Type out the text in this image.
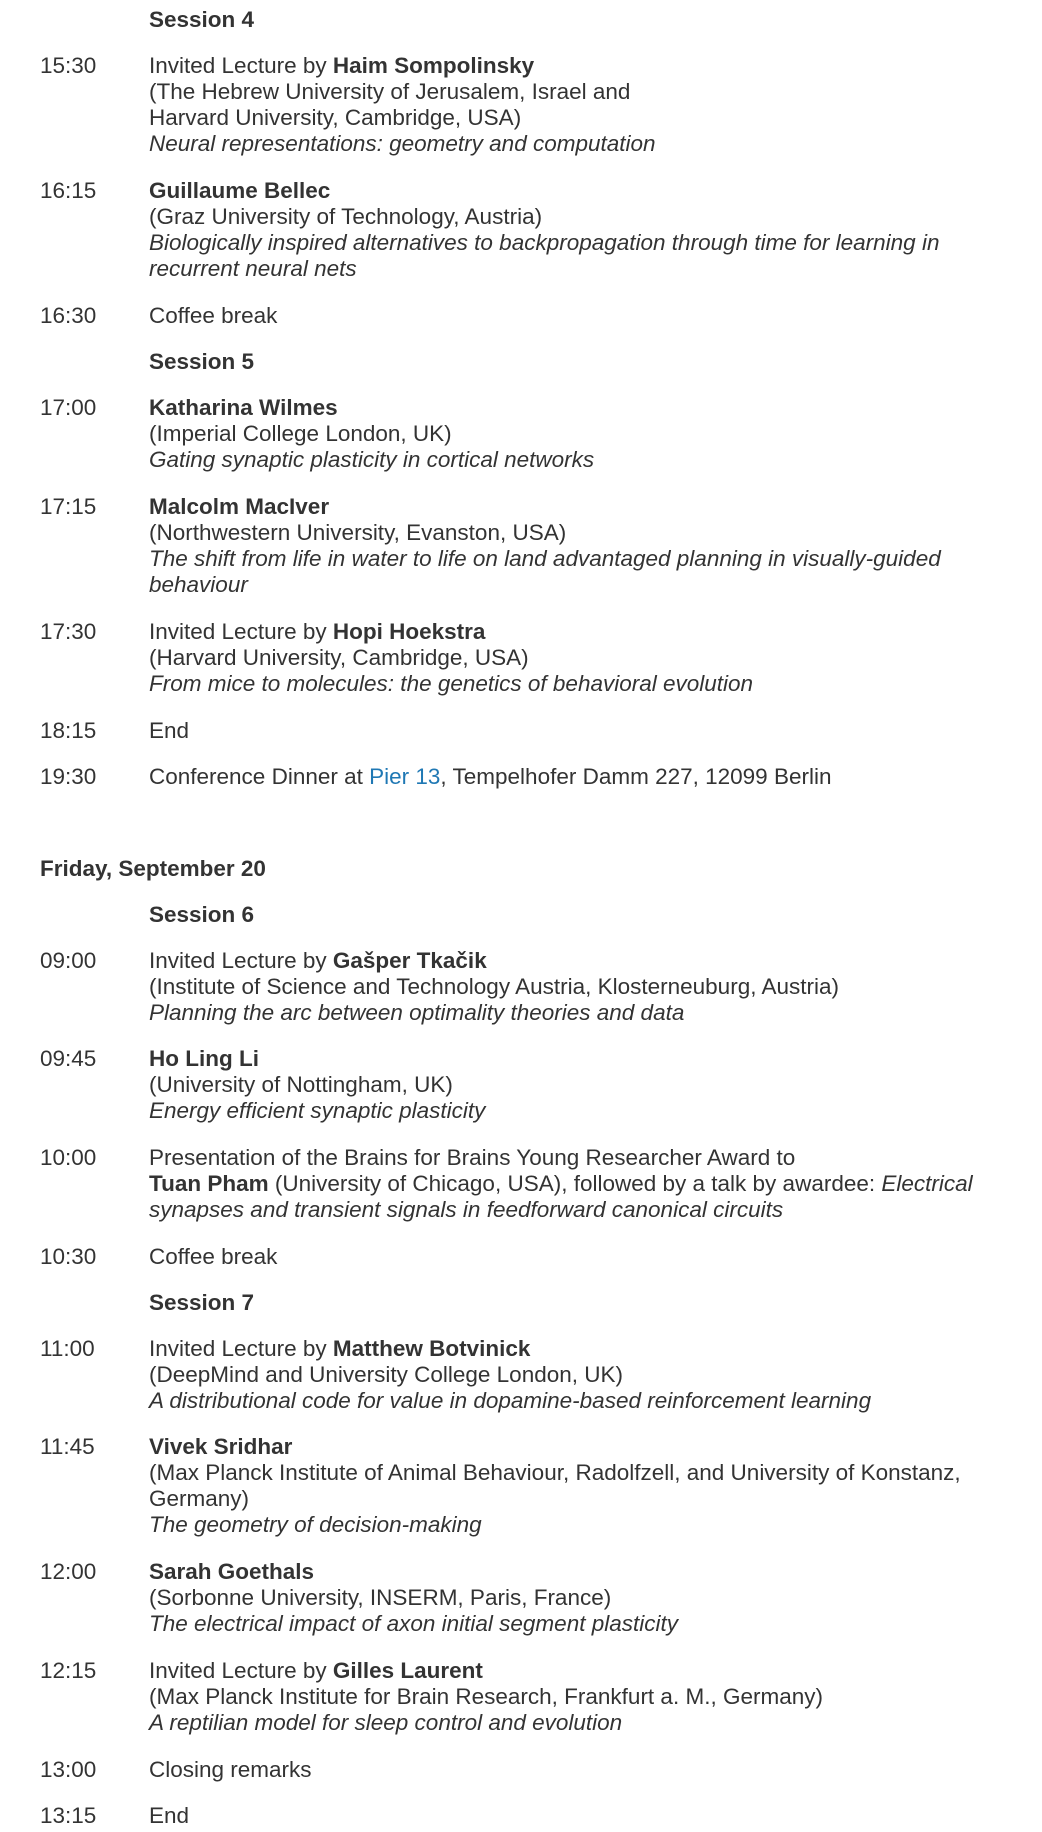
Session 4
15:30	Invited Lecture by Haim Sompolinsky
(The Hebrew University of Jerusalem, Israel and
Harvard University, Cambridge, USA)
Neural representations: geometry and computation
16:15	Guillaume Bellec
(Graz University of Technology, Austria)
Biologically inspired alternatives to backpropagation through time for learning in
recurrent neural nets
16:30	Coffee break
Session 5
17:00	Katharina Wilmes
(Imperial College London, UK)
Gating synaptic plasticity in cortical networks
17:15	Malcolm MacIver
(Northwestern University, Evanston, USA)
The shift from life in water to life on land advantaged planning in visually-guided
behaviour
17:30	Invited Lecture by Hopi Hoekstra
(Harvard University, Cambridge, USA)
From mice to molecules: the genetics of behavioral evolution
18:15	End
19:30	Conference Dinner at Pier 13, Tempelhofer Damm 227, 12099 Berlin
Friday, September 20
Session 6
09:00	Invited Lecture by Gašper Tkačik
(Institute of Science and Technology Austria, Klosterneuburg, Austria)
Planning the arc between optimality theories and data
09:45	Ho Ling Li
(University of Nottingham, UK)
Energy efficient synaptic plasticity
10:00	Presentation of the Brains for Brains Young Researcher Award to
Tuan Pham (University of Chicago, USA), followed by a talk by awardee: Electrical
synapses and transient signals in feedforward canonical circuits
10:30	Coffee break
Session 7
11:00	Invited Lecture by Matthew Botvinick
(DeepMind and University College London, UK)
A distributional code for value in dopamine-based reinforcement learning
11:45	Vivek Sridhar
(Max Planck Institute of Animal Behaviour, Radolfzell, and University of Konstanz,
Germany)
The geometry of decision-making
12:00	Sarah Goethals
(Sorbonne University, INSERM, Paris, France)
The electrical impact of axon initial segment plasticity
12:15	Invited Lecture by Gilles Laurent
(Max Planck Institute for Brain Research, Frankfurt a. M., Germany)
A reptilian model for sleep control and evolution
13:00	Closing remarks
13:15	End
